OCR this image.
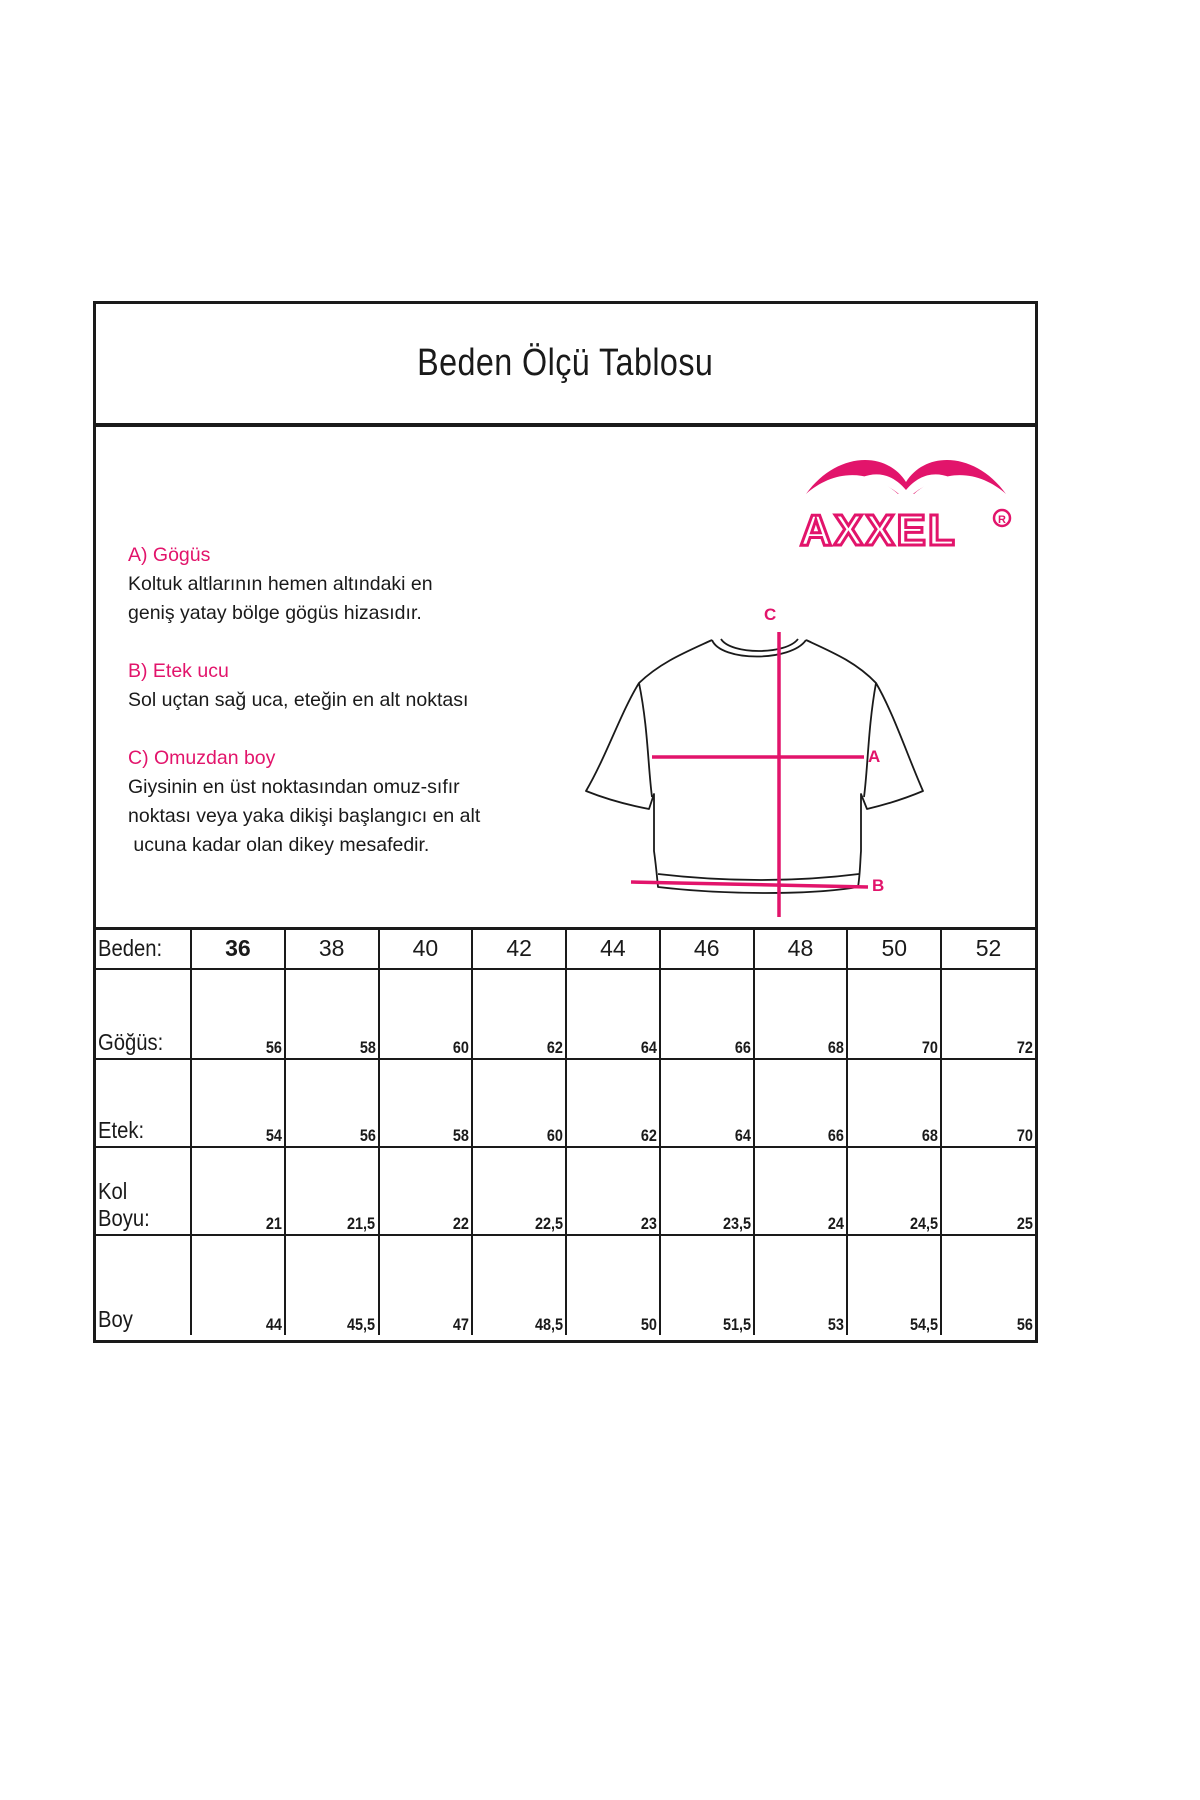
Beden Ölçü Tablosu
A) Gögüs
Koltuk altlarının hemen altındaki en
geniş yatay bölge gögüs hizasıdır.
B) Etek ucu
Sol uçtan sağ uca, eteğin en alt noktası
C) Omuzdan boy
Giysinin en üst noktasından omuz-sıfır
noktası veya yaka dikişi başlangıcı en alt
ucuna kadar olan dikey mesafedir.
AXXEL	R
C
A
B
Beden:	36	38	40	42	44	46	48	50	52
Göğüs:	56	58	60	62	64	66	68	70	72
Etek:	54	56	58	60	62	64	66	68	70
Kol Boyu:	21	21,5	22	22,5	23	23,5	24	24,5	25
Boy	44	45,5	47	48,5	50	51,5	53	54,5	56
